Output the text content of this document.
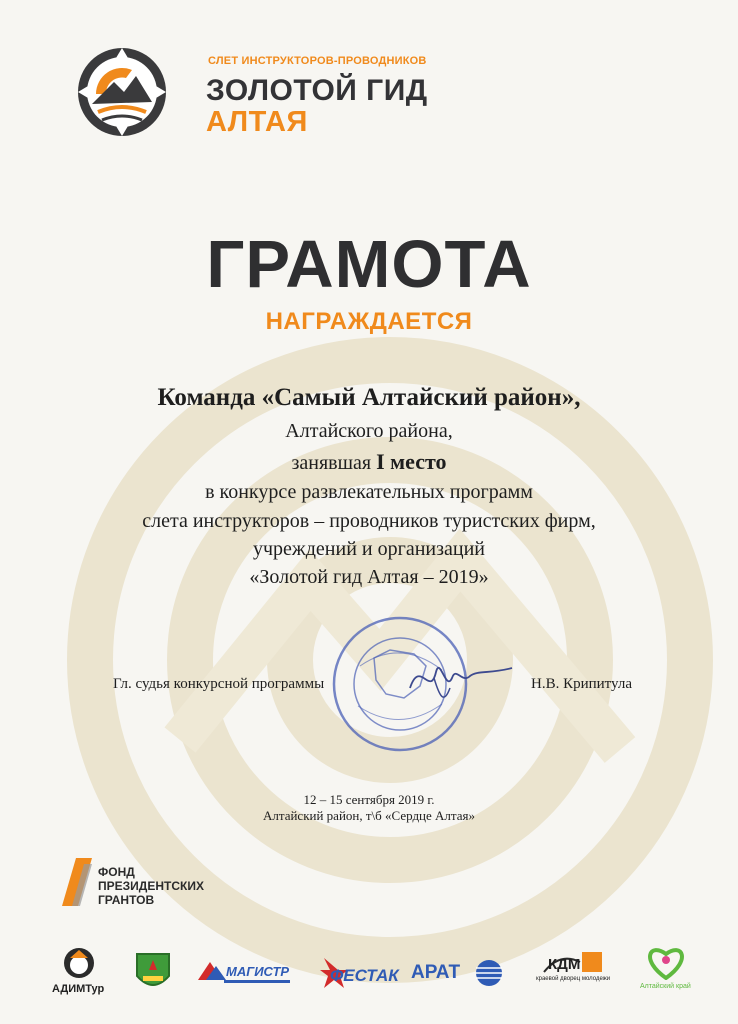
СЛЕТ ИНСТРУКТОРОВ-ПРОВОДНИКОВ
ЗОЛОТОЙ ГИД
АЛТАЯ
ГРАМОТА
НАГРАЖДАЕТСЯ
Команда «Самый Алтайский район»,
Алтайского района,
занявшая I место
в конкурсе развлекательных программ
слета инструкторов – проводников туристских фирм,
учреждений и организаций
«Золотой гид Алтая – 2019»
Гл. судья конкурсной программы	Н.В. Крипитула
12 – 15 сентября 2019 г.
Алтайский район, т\б «Сердце Алтая»
ФОНД
ПРЕЗИДЕНТСКИХ
ГРАНТОВ
АДИМТур
МАГИСТР ФЕСТАК АРАТ	КДМ
краевой дворец молодежи
Алтайский край
